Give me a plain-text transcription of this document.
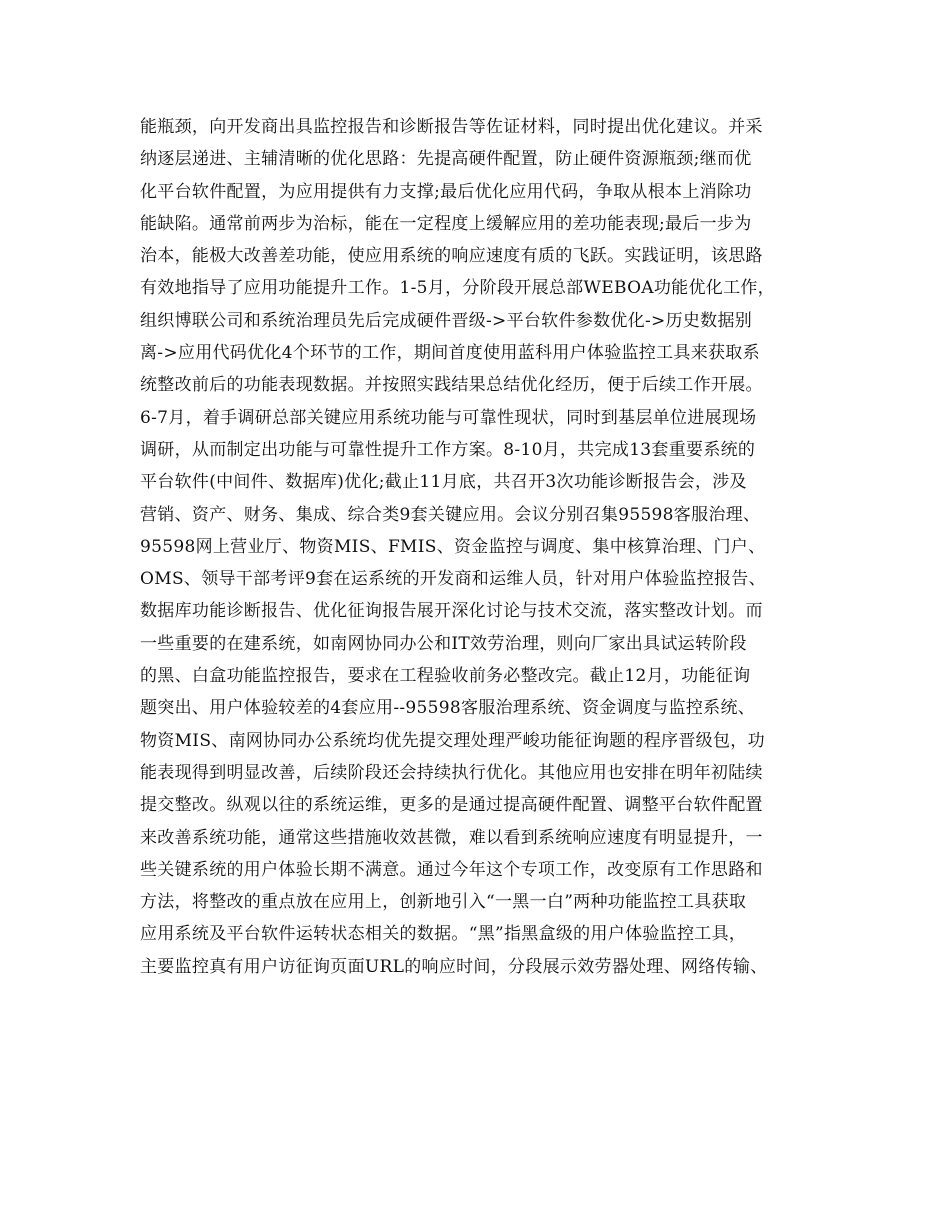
能瓶颈，向开发商出具监控报告和诊断报告等佐证材料，同时提出优化建议。并采
纳逐层递进、主辅清晰的优化思路：先提高硬件配置，防止硬件资源瓶颈;继而优
化平台软件配置，为应用提供有力支撑;最后优化应用代码，争取从根本上消除功
能缺陷。通常前两步为治标，能在一定程度上缓解应用的差功能表现;最后一步为
治本，能极大改善差功能，使应用系统的响应速度有质的飞跃。实践证明，该思路
有效地指导了应用功能提升工作。1-5月，分阶段开展总部WEBOA功能优化工作，
组织博联公司和系统治理员先后完成硬件晋级->平台软件参数优化->历史数据别
离->应用代码优化4个环节的工作，期间首度使用蓝科用户体验监控工具来获取系
统整改前后的功能表现数据。并按照实践结果总结优化经历，便于后续工作开展。
6-7月，着手调研总部关键应用系统功能与可靠性现状，同时到基层单位进展现场
调研，从而制定出功能与可靠性提升工作方案。8-10月，共完成13套重要系统的
平台软件(中间件、数据库)优化;截止11月底，共召开3次功能诊断报告会，涉及
营销、资产、财务、集成、综合类9套关键应用。会议分别召集95598客服治理、
95598网上营业厅、物资MIS、FMIS、资金监控与调度、集中核算治理、门户、
OMS、领导干部考评9套在运系统的开发商和运维人员，针对用户体验监控报告、
数据库功能诊断报告、优化征询报告展开深化讨论与技术交流，落实整改计划。而
一些重要的在建系统，如南网协同办公和IT效劳治理，则向厂家出具试运转阶段
的黑、白盒功能监控报告，要求在工程验收前务必整改完。截止12月，功能征询
题突出、用户体验较差的4套应用--95598客服治理系统、资金调度与监控系统、
物资MIS、南网协同办公系统均优先提交理处理严峻功能征询题的程序晋级包，功
能表现得到明显改善，后续阶段还会持续执行优化。其他应用也安排在明年初陆续
提交整改。纵观以往的系统运维，更多的是通过提高硬件配置、调整平台软件配置
来改善系统功能，通常这些措施收效甚微，难以看到系统响应速度有明显提升，一
些关键系统的用户体验长期不满意。通过今年这个专项工作，改变原有工作思路和
方法，将整改的重点放在应用上，创新地引入“一黑一白”两种功能监控工具获取
应用系统及平台软件运转状态相关的数据。“黑”指黑盒级的用户体验监控工具，
主要监控真有用户访征询页面URL的响应时间，分段展示效劳器处理、网络传输、
